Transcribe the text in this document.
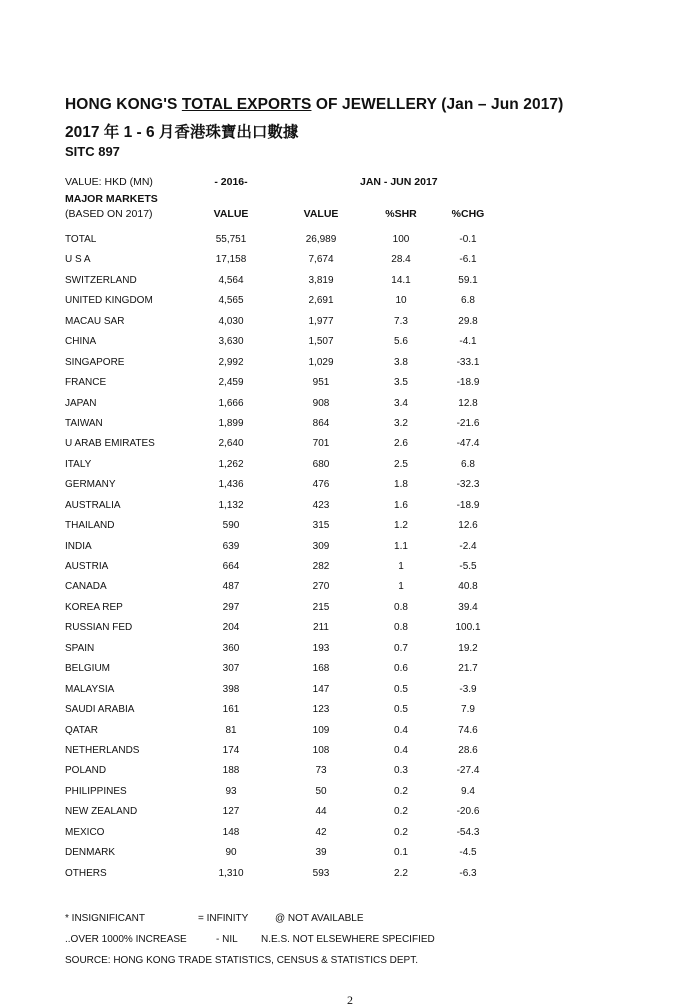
HONG KONG'S TOTAL EXPORTS OF JEWELLERY (Jan – Jun 2017)
2017 年 1 - 6 月香港珠寶出口數據
SITC 897
VALUE: HKD (MN)	- 2016-	JAN - JUN 2017
MAJOR MARKETS
(BASED ON 2017)	VALUE	VALUE	%SHR	%CHG
TOTAL	55,751	26,989	100	-0.1
U S A	17,158	7,674	28.4	-6.1
SWITZERLAND	4,564	3,819	14.1	59.1
UNITED KINGDOM	4,565	2,691	10	6.8
MACAU SAR	4,030	1,977	7.3	29.8
CHINA	3,630	1,507	5.6	-4.1
SINGAPORE	2,992	1,029	3.8	-33.1
FRANCE	2,459	951	3.5	-18.9
JAPAN	1,666	908	3.4	12.8
TAIWAN	1,899	864	3.2	-21.6
U ARAB EMIRATES	2,640	701	2.6	-47.4
ITALY	1,262	680	2.5	6.8
GERMANY	1,436	476	1.8	-32.3
AUSTRALIA	1,132	423	1.6	-18.9
THAILAND	590	315	1.2	12.6
INDIA	639	309	1.1	-2.4
AUSTRIA	664	282	1	-5.5
CANADA	487	270	1	40.8
KOREA REP	297	215	0.8	39.4
RUSSIAN FED	204	211	0.8	100.1
SPAIN	360	193	0.7	19.2
BELGIUM	307	168	0.6	21.7
MALAYSIA	398	147	0.5	-3.9
SAUDI ARABIA	161	123	0.5	7.9
QATAR	81	109	0.4	74.6
NETHERLANDS	174	108	0.4	28.6
POLAND	188	73	0.3	-27.4
PHILIPPINES	93	50	0.2	9.4
NEW ZEALAND	127	44	0.2	-20.6
MEXICO	148	42	0.2	-54.3
DENMARK	90	39	0.1	-4.5
OTHERS	1,310	593	2.2	-6.3
* INSIGNIFICANT	= INFINITY	@ NOT AVAILABLE
..OVER 1000% INCREASE	- NIL N.E.S. NOT ELSEWHERE SPECIFIED
SOURCE: HONG KONG TRADE STATISTICS, CENSUS & STATISTICS DEPT.
2
